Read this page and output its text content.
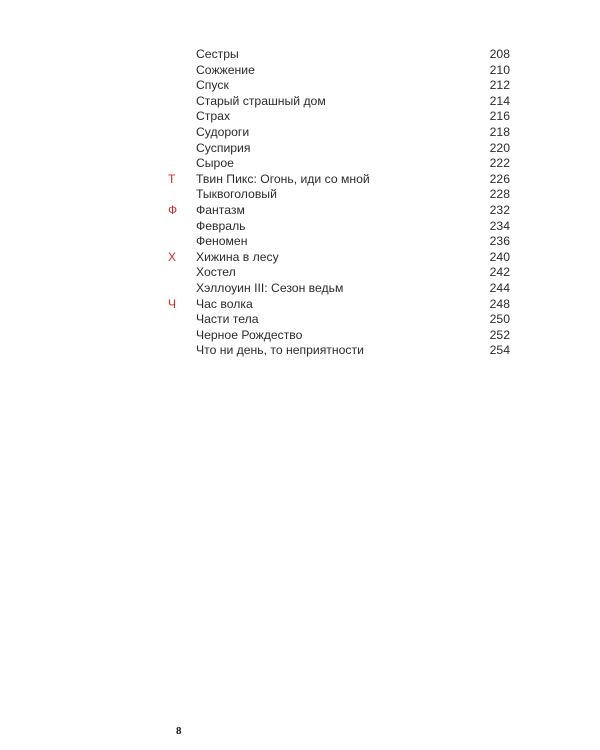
Сестры	208
Сожжение	210
Спуск	212
Старый страшный дом	214
Страх	216
Судороги	218
Суспирия	220
Сырое	222
Т	Твин Пикс: Огонь, иди со мной	226
Тыквоголовый	228
Ф	Фантазм	232
Февраль	234
Феномен	236
Х	Хижина в лесу	240
Хостел	242
Хэллоуин III: Сезон ведьм	244
Ч	Час волка	248
Части тела	250
Черное Рождество	252
Что ни день, то неприятности	254
8
